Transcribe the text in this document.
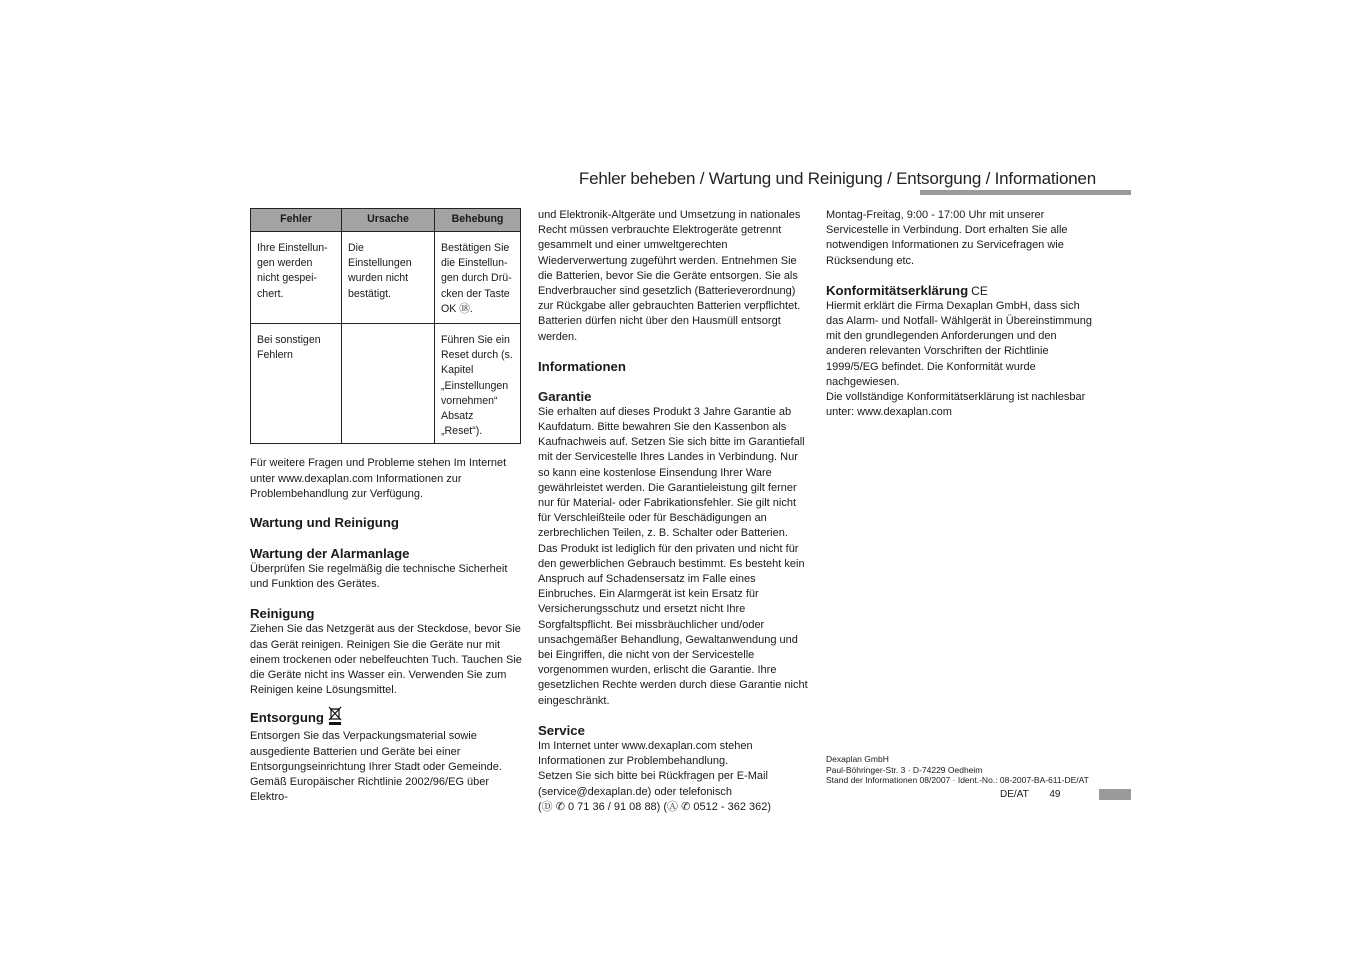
Fehler beheben / Wartung und Reinigung / Entsorgung / Informationen
Fehler	Ursache	Behebung
Ihre Einstellun-gen werden nicht gespei-chert.	Die Einstellungen wurden nicht bestätigt.	Bestätigen Sie die Einstellun-gen durch Drü-cken der Taste OK ⑱.
Bei sonstigen Fehlern		Führen Sie ein Reset durch (s. Kapitel „Einstellungen vornehmen“ Absatz „Reset“).

Für weitere Fragen und Probleme stehen Im Internet unter www.dexaplan.com Informationen zur Problembehandlung zur Verfügung.

Wartung und Reinigung

Wartung der Alarmanlage

Überprüfen Sie regelmäßig die technische Sicherheit und Funktion des Gerätes.

Reinigung

Ziehen Sie das Netzgerät aus der Steckdose, bevor Sie das Gerät reinigen. Reinigen Sie die Geräte nur mit einem trockenen oder nebelfeuchten Tuch. Tauchen Sie die Geräte nicht ins Wasser ein. Verwenden Sie zum Reinigen keine Lösungsmittel.

Entsorgung

Entsorgen Sie das Verpackungsmaterial sowie ausgediente Batterien und Geräte bei einer Entsorgungseinrichtung Ihrer Stadt oder Gemeinde.

Gemäß Europäischer Richtlinie 2002/96/EG über Elektro-

und Elektronik-Altgeräte und Umsetzung in nationales Recht müssen verbrauchte Elektrogeräte getrennt gesammelt und einer umweltgerechten Wiederverwertung zugeführt werden. Entnehmen Sie die Batterien, bevor Sie die Geräte entsorgen. Sie als Endverbraucher sind gesetzlich (Batterieverordnung) zur Rückgabe aller gebrauchten Batterien verpflichtet. Batterien dürfen nicht über den Hausmüll entsorgt werden.

Informationen

Garantie

Sie erhalten auf dieses Produkt 3 Jahre Garantie ab Kaufdatum. Bitte bewahren Sie den Kassenbon als Kaufnachweis auf. Setzen Sie sich bitte im Garantiefall mit der Servicestelle Ihres Landes in Verbindung. Nur so kann eine kostenlose Einsendung Ihrer Ware gewährleistet werden. Die Garantieleistung gilt ferner nur für Material- oder Fabrikationsfehler. Sie gilt nicht für Verschleißteile oder für Beschädigungen an zerbrechlichen Teilen, z. B. Schalter oder Batterien. Das Produkt ist lediglich für den privaten und nicht für den gewerblichen Gebrauch bestimmt. Es besteht kein Anspruch auf Schadensersatz im Falle eines Einbruches. Ein Alarmgerät ist kein Ersatz für Versicherungsschutz und ersetzt nicht Ihre Sorgfaltspflicht. Bei missbräuchlicher und/oder unsachgemäßer Behandlung, Gewaltanwendung und bei Eingriffen, die nicht von der Servicestelle vorgenommen wurden, erlischt die Garantie. Ihre gesetzlichen Rechte werden durch diese Garantie nicht eingeschränkt.

Service

Im Internet unter www.dexaplan.com stehen Informationen zur Problembehandlung.

Setzen Sie sich bitte bei Rückfragen per E-Mail (service@dexaplan.de) oder telefonisch

(Ⓓ ✆ 0 71 36 / 91 08 88) (Ⓐ ✆ 0512 - 362 362)

Montag-Freitag, 9:00 - 17:00 Uhr mit unserer Servicestelle in Verbindung. Dort erhalten Sie alle notwendigen Informationen zu Servicefragen wie Rücksendung etc.

Konformitätserklärung CE

Hiermit erklärt die Firma Dexaplan GmbH, dass sich das Alarm- und Notfall- Wählgerät in Übereinstimmung mit den grundlegenden Anforderungen und den anderen relevanten Vorschriften der Richtlinie 1999/5/EG befindet. Die Konformität wurde nachgewiesen.

Die vollständige Konformitätserklärung ist nachlesbar unter: www.dexaplan.com

Dexaplan GmbH
Paul-Böhringer-Str. 3 · D-74229 Oedheim
Stand der Informationen 08/2007 · Ident.-No.: 08-2007-BA-611-DE/AT
DE/AT 49
